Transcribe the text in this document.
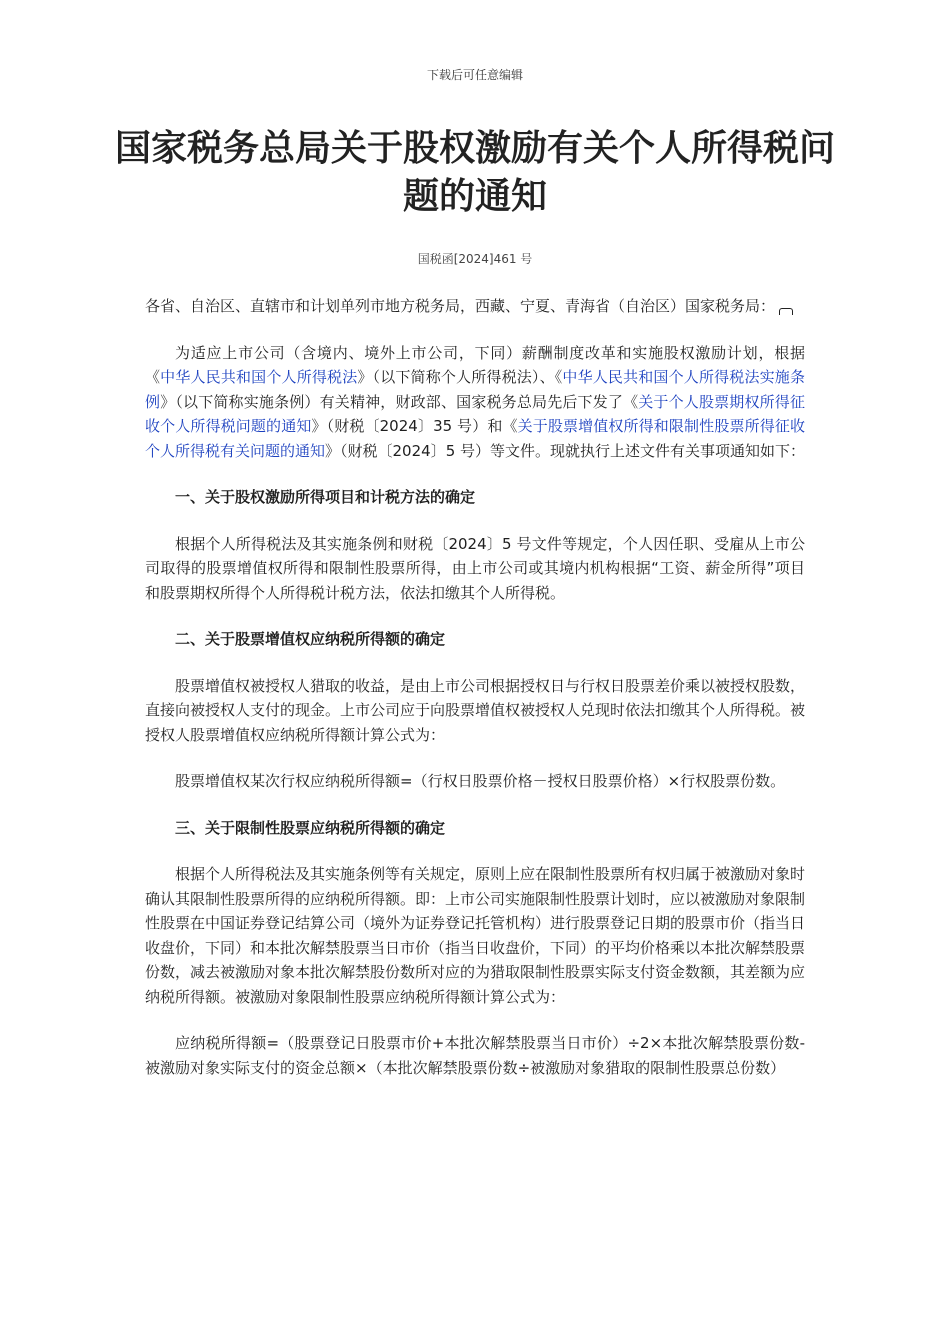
下载后可任意编辑
国家税务总局关于股权激励有关个人所得税问题的通知
国税函[2024]461 号

各省、自治区、直辖市和计划单列市地方税务局，西藏、宁夏、青海省（自治区）国家税务局：

为适应上市公司（含境内、境外上市公司，下同）薪酬制度改革和实施股权激励计划，根据《中华人民共和国个人所得税法》（以下简称个人所得税法）、《中华人民共和国个人所得税法实施条例》（以下简称实施条例）有关精神，财政部、国家税务总局先后下发了《关于个人股票期权所得征收个人所得税问题的通知》（财税〔2024〕35 号）和《关于股票增值权所得和限制性股票所得征收个人所得税有关问题的通知》（财税〔2024〕5 号）等文件。现就执行上述文件有关事项通知如下：

一、关于股权激励所得项目和计税方法的确定

根据个人所得税法及其实施条例和财税〔2024〕5 号文件等规定，个人因任职、受雇从上市公司取得的股票增值权所得和限制性股票所得，由上市公司或其境内机构根据“工资、薪金所得”项目和股票期权所得个人所得税计税方法，依法扣缴其个人所得税。

二、关于股票增值权应纳税所得额的确定

股票增值权被授权人猎取的收益，是由上市公司根据授权日与行权日股票差价乘以被授权股数，直接向被授权人支付的现金。上市公司应于向股票增值权被授权人兑现时依法扣缴其个人所得税。被授权人股票增值权应纳税所得额计算公式为：

股票增值权某次行权应纳税所得额=（行权日股票价格－授权日股票价格）×行权股票份数。

三、关于限制性股票应纳税所得额的确定

根据个人所得税法及其实施条例等有关规定，原则上应在限制性股票所有权归属于被激励对象时确认其限制性股票所得的应纳税所得额。即：上市公司实施限制性股票计划时，应以被激励对象限制性股票在中国证券登记结算公司（境外为证券登记托管机构）进行股票登记日期的股票市价（指当日收盘价，下同）和本批次解禁股票当日市价（指当日收盘价，下同）的平均价格乘以本批次解禁股票份数，减去被激励对象本批次解禁股份数所对应的为猎取限制性股票实际支付资金数额，其差额为应纳税所得额。被激励对象限制性股票应纳税所得额计算公式为：

应纳税所得额=（股票登记日股票市价+本批次解禁股票当日市价）÷2×本批次解禁股票份数-被激励对象实际支付的资金总额×（本批次解禁股票份数÷被激励对象猎取的限制性股票总份数）
